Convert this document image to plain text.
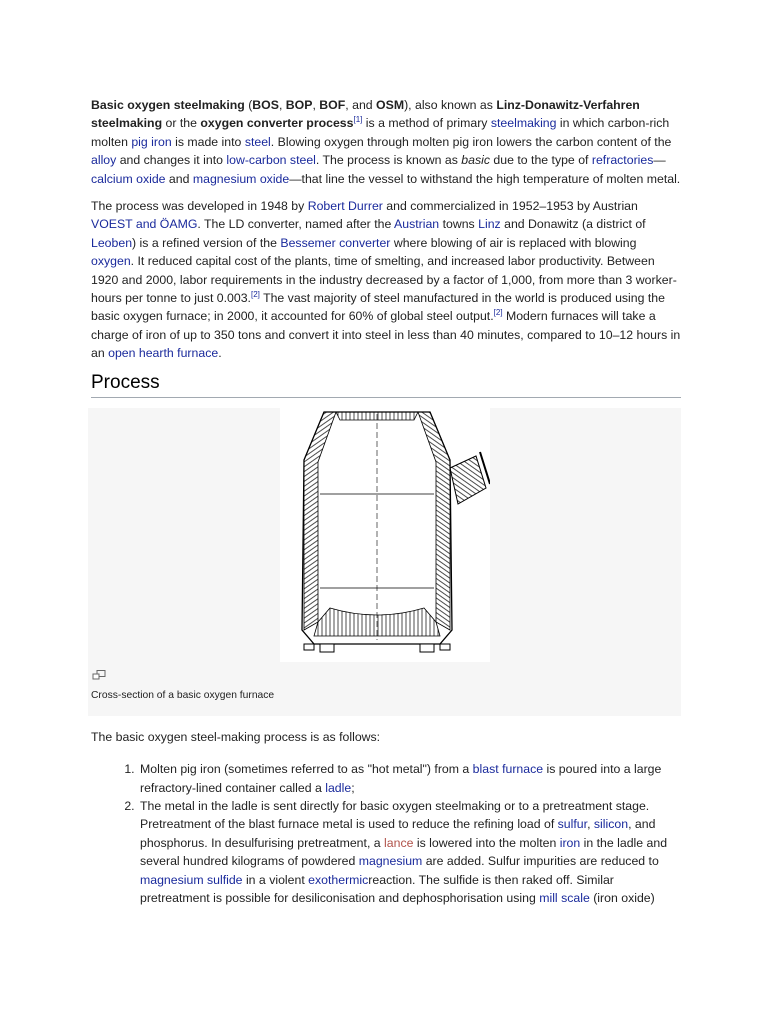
Basic oxygen steelmaking (BOS, BOP, BOF, and OSM), also known as Linz-Donawitz-Verfahren steelmaking or the oxygen converter process[1] is a method of primary steelmaking in which carbon-rich molten pig iron is made into steel. Blowing oxygen through molten pig iron lowers the carbon content of the alloy and changes it into low-carbon steel. The process is known as basic due to the type of refractories—calcium oxide and magnesium oxide—that line the vessel to withstand the high temperature of molten metal.

The process was developed in 1948 by Robert Durrer and commercialized in 1952–1953 by Austrian VOEST and ÖAMG. The LD converter, named after the Austrian towns Linz and Donawitz (a district of Leoben) is a refined version of the Bessemer converter where blowing of air is replaced with blowing oxygen. It reduced capital cost of the plants, time of smelting, and increased labor productivity. Between 1920 and 2000, labor requirements in the industry decreased by a factor of 1,000, from more than 3 worker-hours per tonne to just 0.003.[2] The vast majority of steel manufactured in the world is produced using the basic oxygen furnace; in 2000, it accounted for 60% of global steel output.[2] Modern furnaces will take a charge of iron of up to 350 tons and convert it into steel in less than 40 minutes, compared to 10–12 hours in an open hearth furnace.

Process
Cross-section of a basic oxygen furnace
The basic oxygen steel-making process is as follows:
1. Molten pig iron (sometimes referred to as "hot metal") from a blast furnace is poured into a large refractory-lined container called a ladle;
2. The metal in the ladle is sent directly for basic oxygen steelmaking or to a pretreatment stage. Pretreatment of the blast furnace metal is used to reduce the refining load of sulfur, silicon, and phosphorus. In desulfurising pretreatment, a lance is lowered into the molten iron in the ladle and several hundred kilograms of powdered magnesium are added. Sulfur impurities are reduced to magnesium sulfide in a violent exothermicreaction. The sulfide is then raked off. Similar pretreatment is possible for desiliconisation and dephosphorisation using mill scale (iron oxide)
